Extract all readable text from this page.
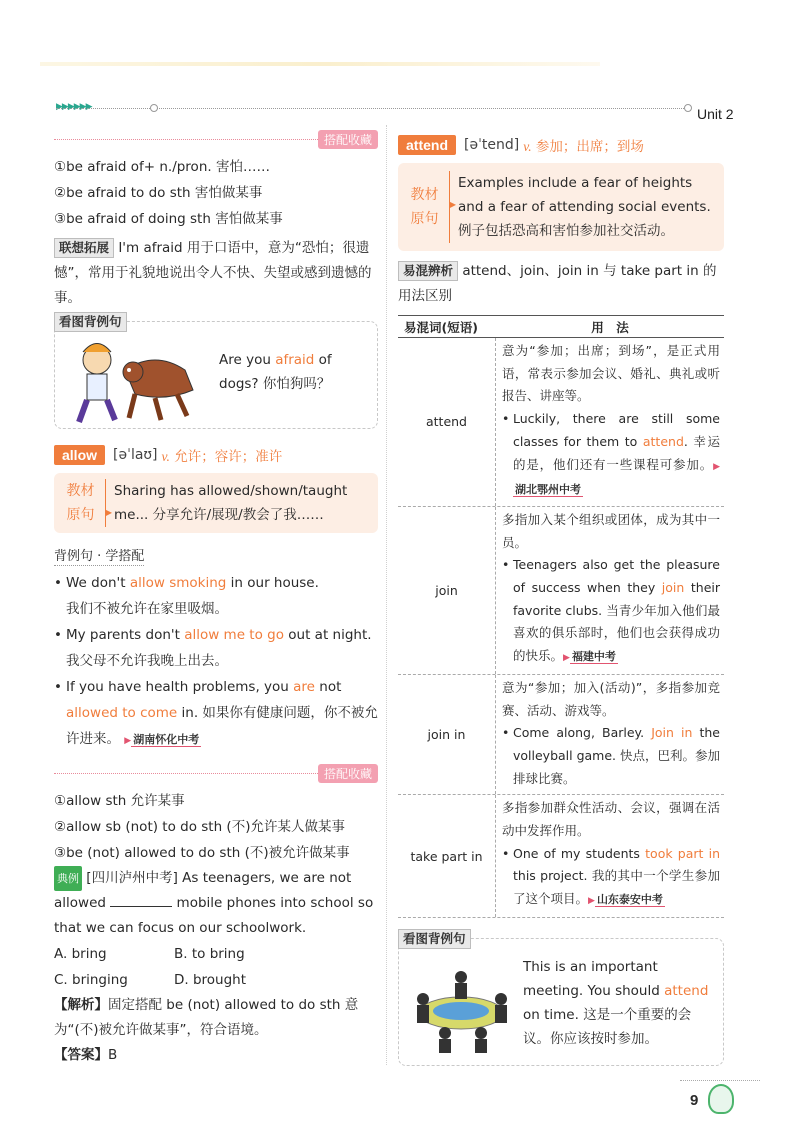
▶▶▶▶▶▶	Unit 2
搭配收藏
①be afraid of+ n./pron. 害怕……
②be afraid to do sth 害怕做某事
③be afraid of doing sth 害怕做某事
联想拓展 I'm afraid 用于口语中，意为“恐怕；很遗憾”，常用于礼貌地说出令人不快、失望或感到遗憾的事。
看图背例句
Are you afraid of dogs? 你怕狗吗？
allow	[əˈlaʊ] v. 允许；容许；准许
教材原句 ▶
Sharing has allowed/shown/taught me... 分享允许/展现/教会了我……
背例句 · 学搭配
• We don't allow smoking in our house.
我们不被允许在家里吸烟。
• My parents don't allow me to go out at night.
我父母不允许我晚上出去。
• If you have health problems, you are not allowed to come in. 如果你有健康问题，你不被允许进来。 ▶ 湖南怀化中考
搭配收藏
①allow sth 允许某事
②allow sb (not) to do sth (不)允许某人做某事
③be (not) allowed to do sth (不)被允许做某事
典例 [四川泸州中考] As teenagers, we are not allowed	mobile phones into school so that we can focus on our schoolwork.
A. bring	B. to bring
C. bringing	D. brought
【解析】固定搭配 be (not) allowed to do sth 意为“(不)被允许做某事”，符合语境。
【答案】B
attend	[əˈtend] v. 参加；出席；到场
教材原句 ▶
Examples include a fear of heights and a fear of attending social events. 例子包括恐高和害怕参加社交活动。
易混辨析 attend、join、join in 与 take part in 的用法区别
易混词(短语)	用　法
attend
意为“参加；出席；到场”，是正式用语，常表示参加会议、婚礼、典礼或听报告、讲座等。
• Luckily, there are still some classes for them to attend. 幸运的是，他们还有一些课程可参加。▶湖北鄂州中考
join
多指加入某个组织或团体，成为其中一员。
• Teenagers also get the pleasure of success when they join their favorite clubs. 当青少年加入他们最喜欢的俱乐部时，他们也会获得成功的快乐。▶ 福建中考
join in
意为“参加；加入(活动)”，多指参加竞赛、活动、游戏等。
• Come along, Barley. Join in the volleyball game. 快点，巴利。参加排球比赛。
take part in
多指参加群众性活动、会议，强调在活动中发挥作用。
• One of my students took part in this project. 我的其中一个学生参加了这个项目。▶ 山东泰安中考
看图背例句
This is an important meeting. You should attend on time. 这是一个重要的会议。你应该按时参加。
9
